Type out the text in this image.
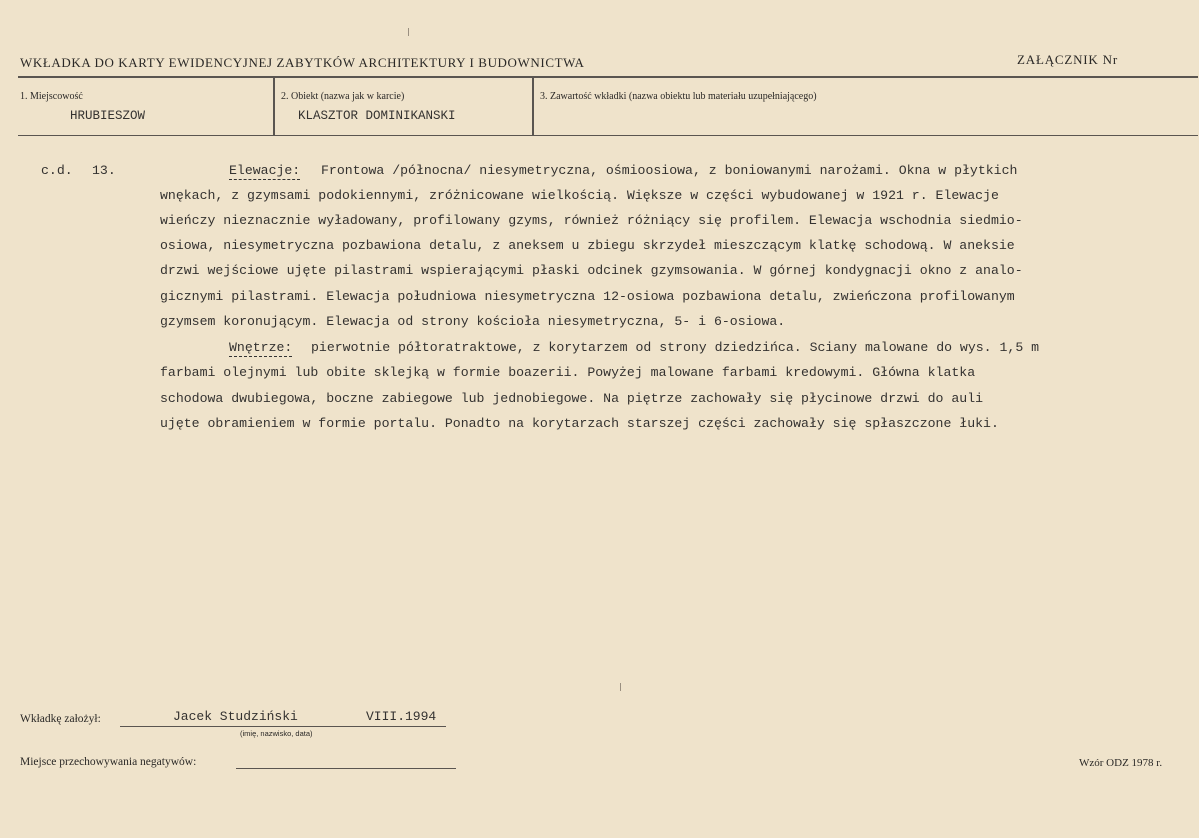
WKŁADKA DO KARTY EWIDENCYJNEJ ZABYTKÓW ARCHITEKTURY I BUDOWNICTWA	ZAŁĄCZNIK Nr
1. Miejscowość
HRUBIESZOW
2. Obiekt (nazwa jak w karcie)
KLASZTOR DOMINIKANSKI
3. Zawartość wkładki (nazwa obiektu lub materiału uzupełniającego)
c.d. 13.	Elewacje: Frontowa /północna/ niesymetryczna, ośmioosiowa, z boniowanymi narożami. Okna w płytkich
wnękach, z gzymsami podokiennymi, zróżnicowane wielkością. Większe w części wybudowanej w 1921 r. Elewacje
wieńczy nieznacznie wyładowany, profilowany gzyms, również różniący się profilem. Elewacja wschodnia siedmio-
osiowa, niesymetryczna pozbawiona detalu, z aneksem u zbiegu skrzydeł mieszczącym klatkę schodową. W aneksie
drzwi wejściowe ujęte pilastrami wspierającymi płaski odcinek gzymsowania. W górnej kondygnacji okno z analo-
gicznymi pilastrami. Elewacja południowa niesymetryczna 12-osiowa pozbawiona detalu, zwieńczona profilowanym
gzymsem koronującym. Elewacja od strony kościoła niesymetryczna, 5- i 6-osiowa.
Wnętrze: pierwotnie półtoratraktowe, z korytarzem od strony dziedzińca. Sciany malowane do wys. 1,5 m
farbami olejnymi lub obite sklejką w formie boazerii. Powyżej malowane farbami kredowymi. Główna klatka
schodowa dwubiegowa, boczne zabiegowe lub jednobiegowe. Na piętrze zachowały się płycinowe drzwi do auli
ujęte obramieniem w formie portalu. Ponadto na korytarzach starszej części zachowały się spłaszczone łuki.
Wkładkę założył:	Jacek Studziński	VIII.1994
(imię, nazwisko, data)
Miejsce przechowywania negatywów:	Wzór ODZ 1978 r.
